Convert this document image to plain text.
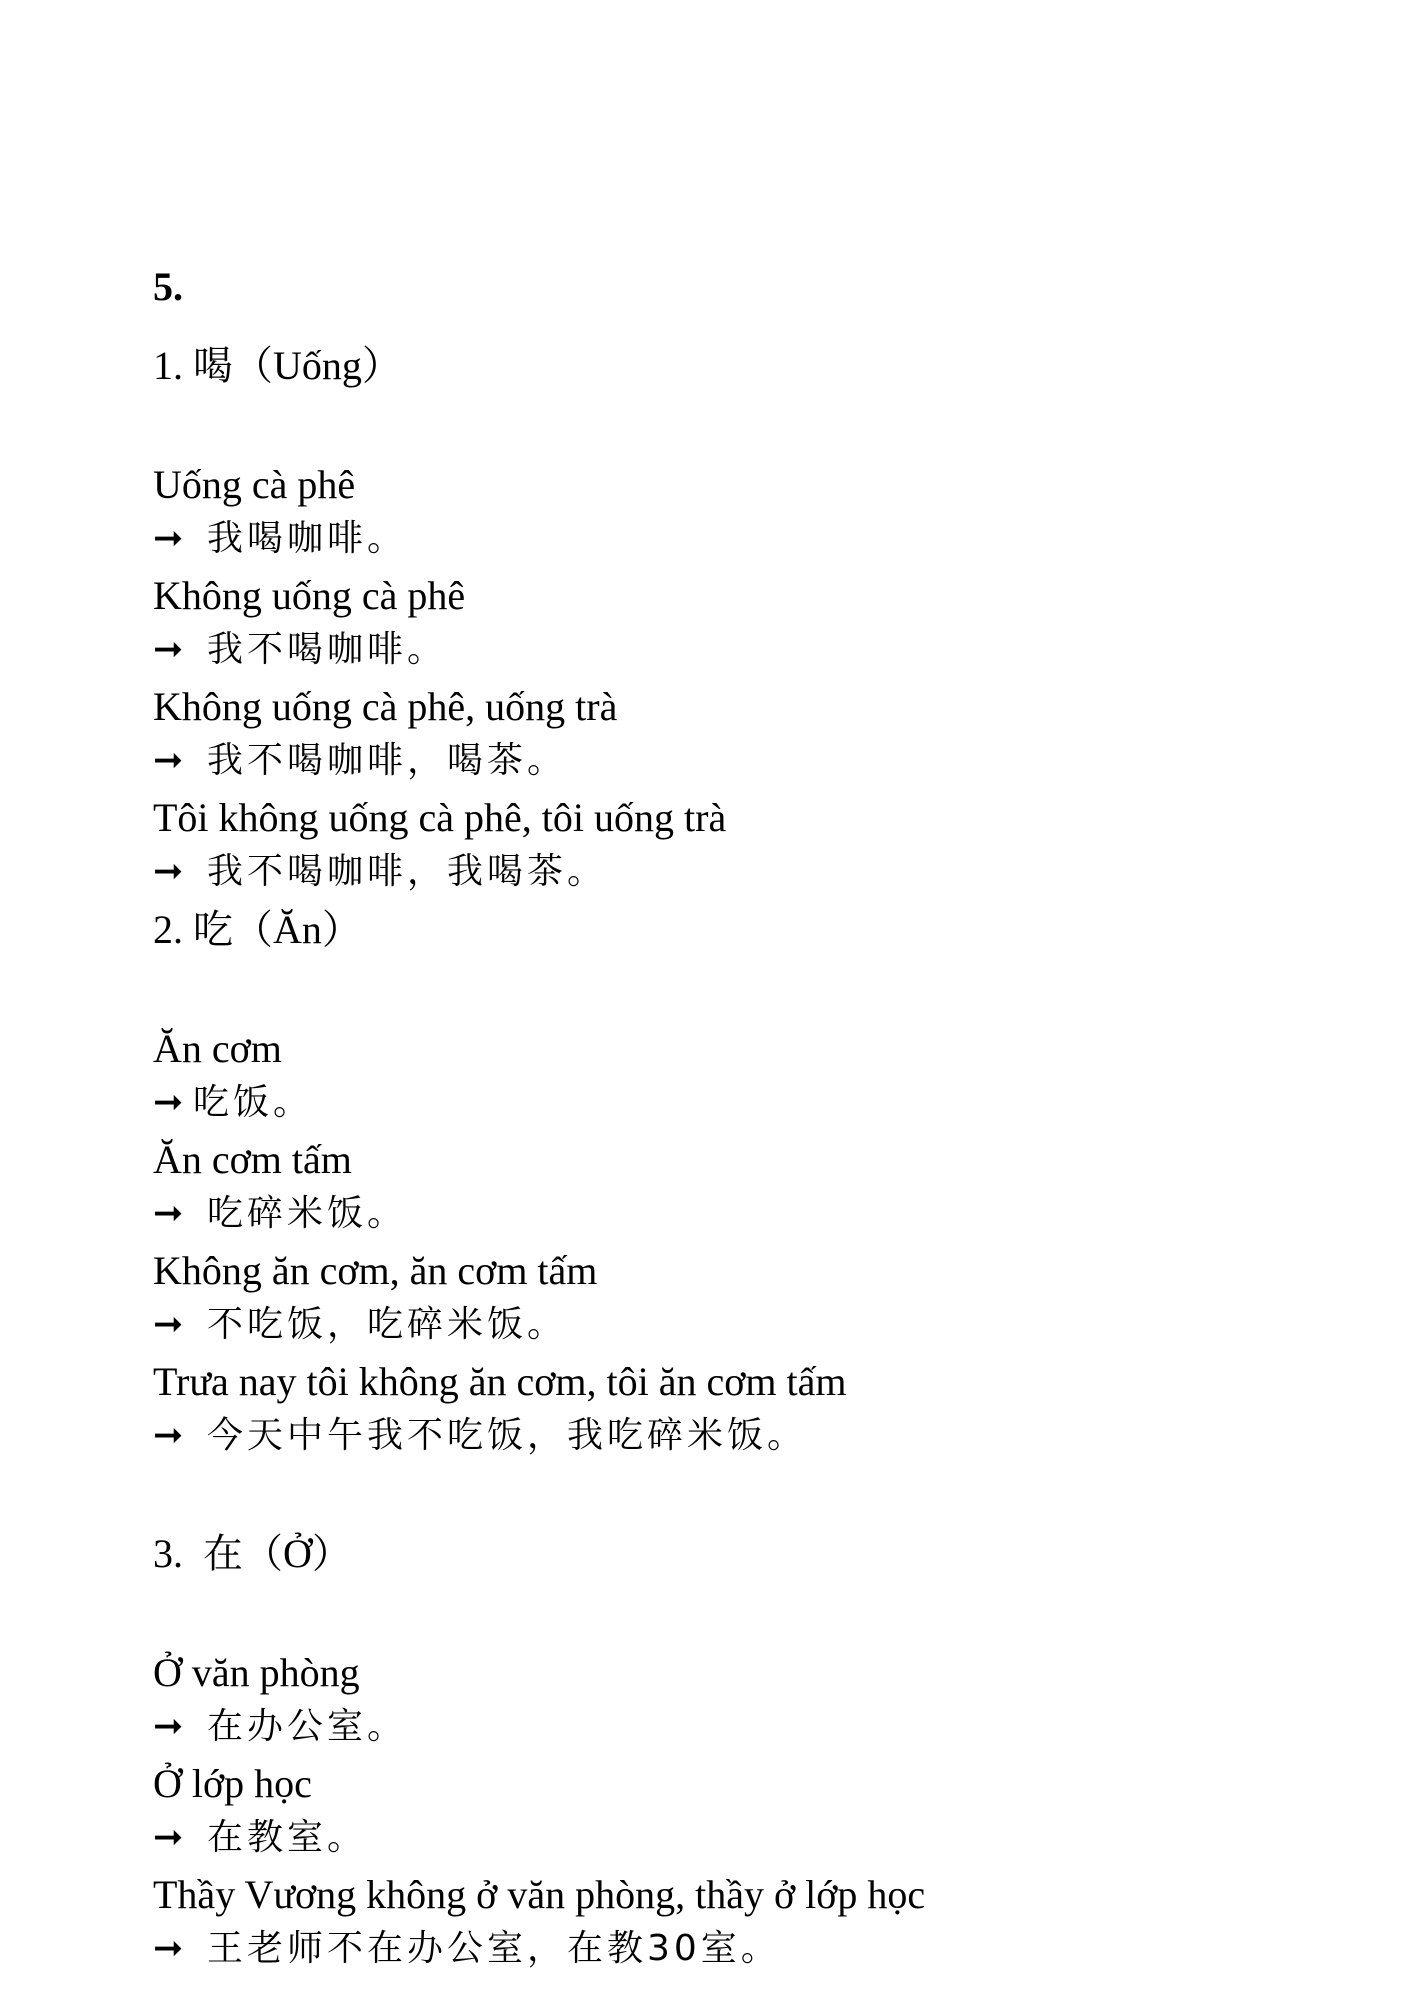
5.
1. 喝（Uống）
Uống cà phê
➞ 我喝咖啡。
Không uống cà phê
➞ 我不喝咖啡。
Không uống cà phê, uống trà
➞ 我不喝咖啡，喝茶。
Tôi không uống cà phê, tôi uống trà
➞ 我不喝咖啡，我喝茶。
2. 吃（Ăn）
Ăn cơm
➞ 吃饭。
Ăn cơm tấm
➞ 吃碎米饭。
Không ăn cơm, ăn cơm tấm
➞ 不吃饭，吃碎米饭。
Trưa nay tôi không ăn cơm, tôi ăn cơm tấm
➞ 今天中午我不吃饭，我吃碎米饭。
3.  在（Ở）
Ở văn phòng
➞ 在办公室。
Ở lớp học
➞ 在教室。
Thầy Vương không ở văn phòng, thầy ở lớp học
➞ 王老师不在办公室，在教30室。
